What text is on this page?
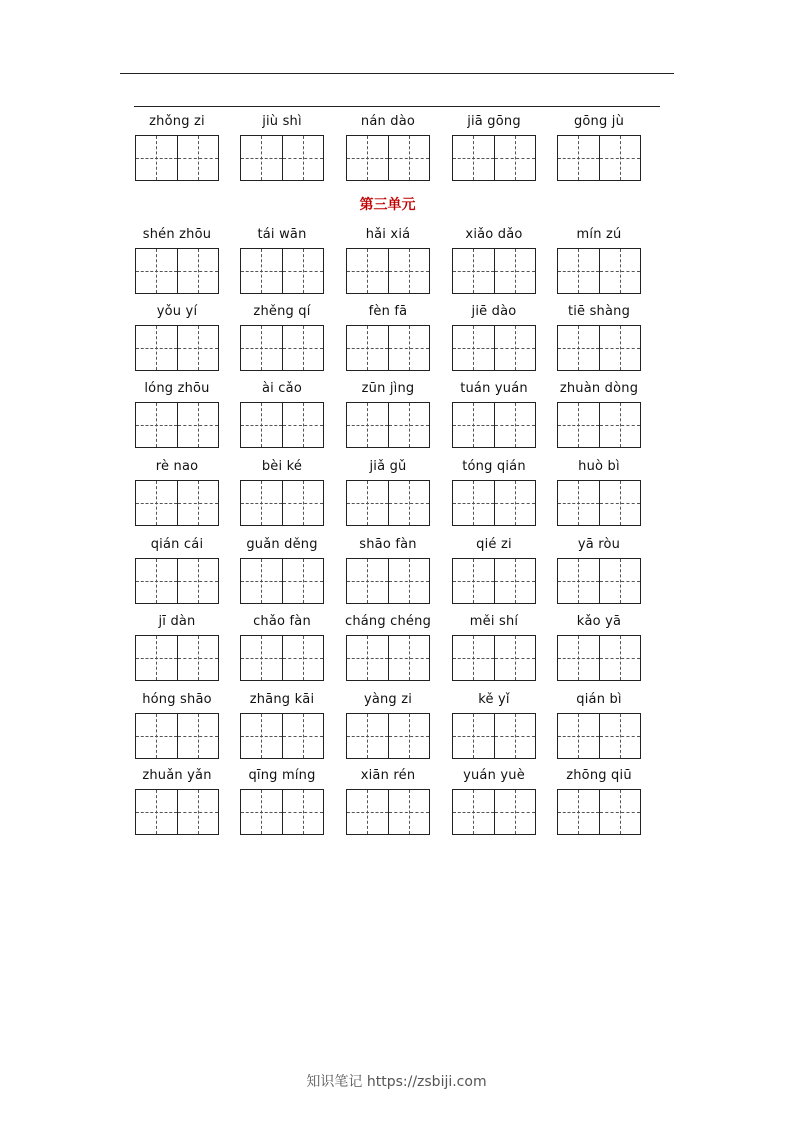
第三单元
zhǒng zi	jiù shì	nán dào	jiā gōng	gōng jù
shén zhōu	tái wān	hǎi xiá	xiǎo dǎo	mín zú
yǒu yí	zhěng qí	fèn fā	jiē dào	tiē shàng
lóng zhōu	ài cǎo	zūn jìng	tuán yuán	zhuàn dòng
rè nao	bèi ké	jiǎ gǔ	tóng qián	huò bì
qián cái	guǎn děng	shāo fàn	qié zi	yā ròu
jī dàn	chǎo fàn	cháng chéng	měi shí	kǎo yā
hóng shāo	zhāng kāi	yàng zi	kě yǐ	qián bì
zhuǎn yǎn	qīng míng	xiān rén	yuán yuè	zhōng qiū
知识笔记 https://zsbiji.com
